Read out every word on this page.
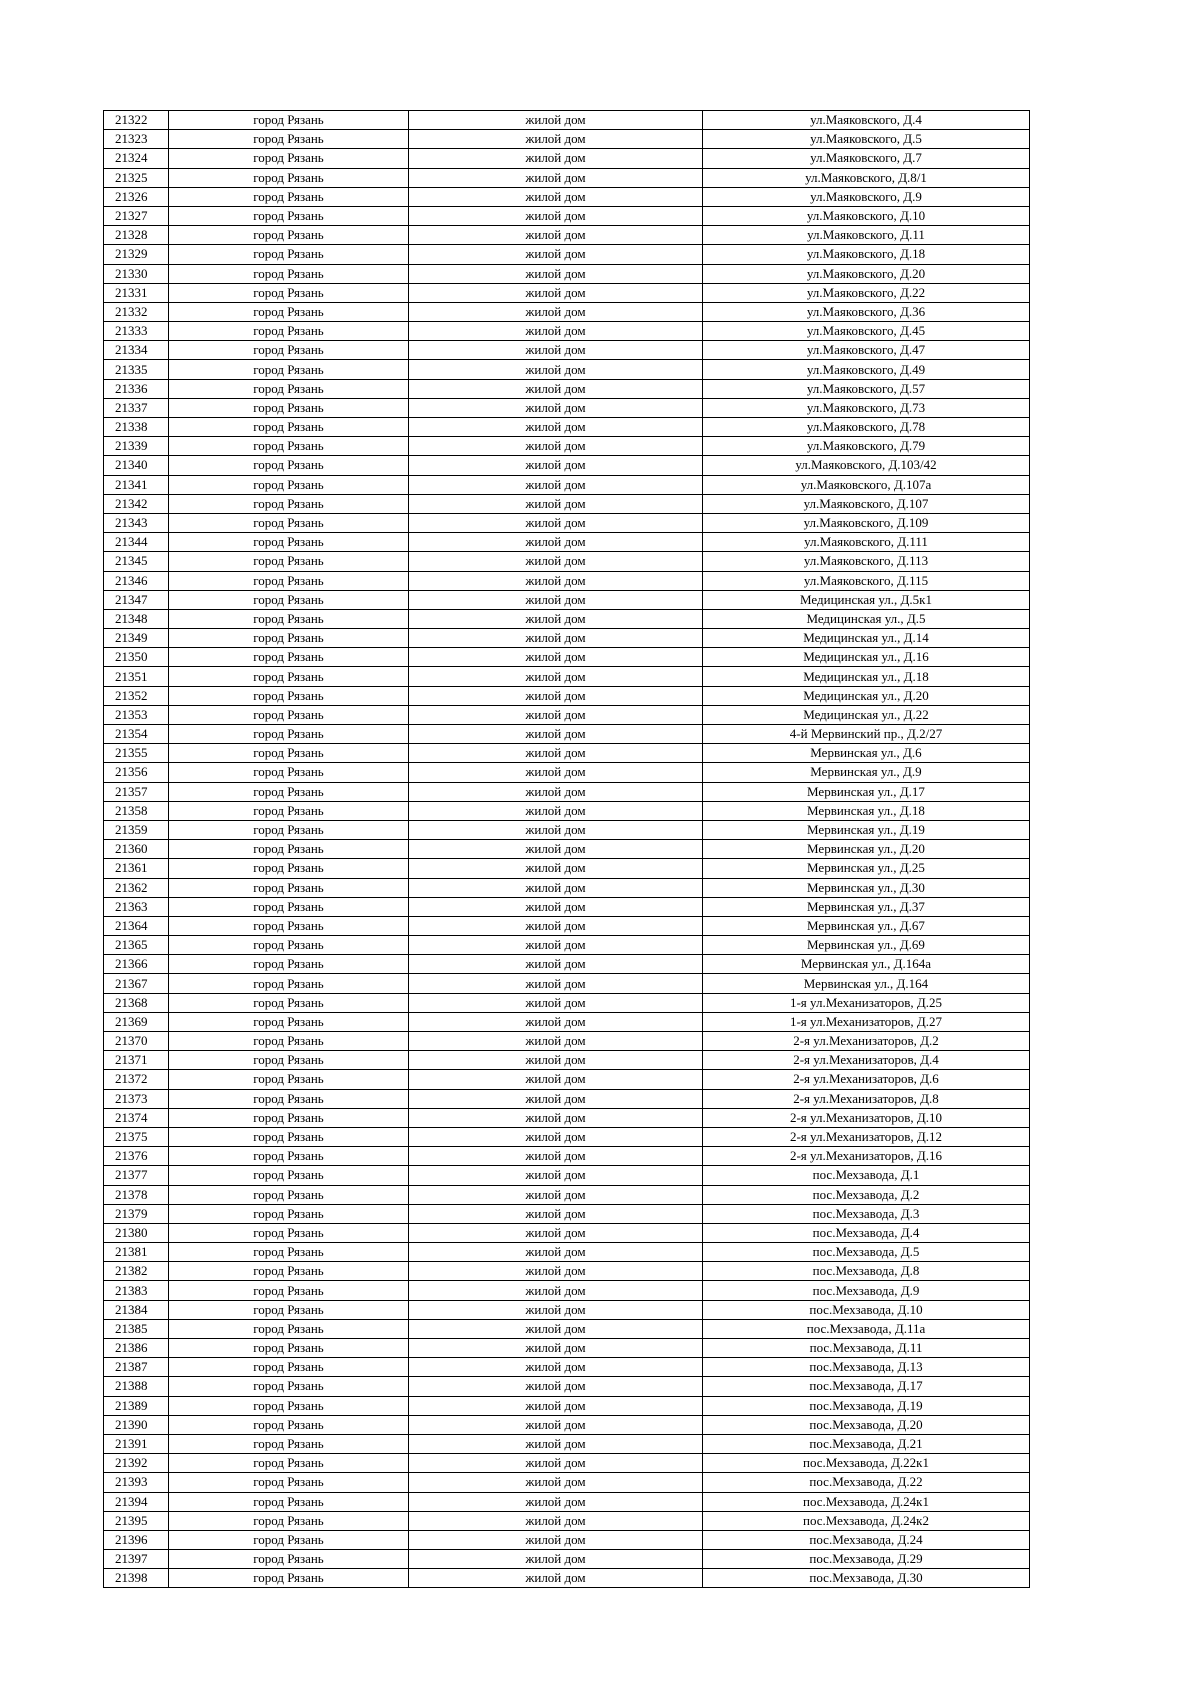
21322	город Рязань	жилой дом	ул.Маяковского, Д.4
21323	город Рязань	жилой дом	ул.Маяковского, Д.5
21324	город Рязань	жилой дом	ул.Маяковского, Д.7
21325	город Рязань	жилой дом	ул.Маяковского, Д.8/1
21326	город Рязань	жилой дом	ул.Маяковского, Д.9
21327	город Рязань	жилой дом	ул.Маяковского, Д.10
21328	город Рязань	жилой дом	ул.Маяковского, Д.11
21329	город Рязань	жилой дом	ул.Маяковского, Д.18
21330	город Рязань	жилой дом	ул.Маяковского, Д.20
21331	город Рязань	жилой дом	ул.Маяковского, Д.22
21332	город Рязань	жилой дом	ул.Маяковского, Д.36
21333	город Рязань	жилой дом	ул.Маяковского, Д.45
21334	город Рязань	жилой дом	ул.Маяковского, Д.47
21335	город Рязань	жилой дом	ул.Маяковского, Д.49
21336	город Рязань	жилой дом	ул.Маяковского, Д.57
21337	город Рязань	жилой дом	ул.Маяковского, Д.73
21338	город Рязань	жилой дом	ул.Маяковского, Д.78
21339	город Рязань	жилой дом	ул.Маяковского, Д.79
21340	город Рязань	жилой дом	ул.Маяковского, Д.103/42
21341	город Рязань	жилой дом	ул.Маяковского, Д.107а
21342	город Рязань	жилой дом	ул.Маяковского, Д.107
21343	город Рязань	жилой дом	ул.Маяковского, Д.109
21344	город Рязань	жилой дом	ул.Маяковского, Д.111
21345	город Рязань	жилой дом	ул.Маяковского, Д.113
21346	город Рязань	жилой дом	ул.Маяковского, Д.115
21347	город Рязань	жилой дом	Медицинская ул., Д.5к1
21348	город Рязань	жилой дом	Медицинская ул., Д.5
21349	город Рязань	жилой дом	Медицинская ул., Д.14
21350	город Рязань	жилой дом	Медицинская ул., Д.16
21351	город Рязань	жилой дом	Медицинская ул., Д.18
21352	город Рязань	жилой дом	Медицинская ул., Д.20
21353	город Рязань	жилой дом	Медицинская ул., Д.22
21354	город Рязань	жилой дом	4-й Мервинский пр., Д.2/27
21355	город Рязань	жилой дом	Мервинская ул., Д.6
21356	город Рязань	жилой дом	Мервинская ул., Д.9
21357	город Рязань	жилой дом	Мервинская ул., Д.17
21358	город Рязань	жилой дом	Мервинская ул., Д.18
21359	город Рязань	жилой дом	Мервинская ул., Д.19
21360	город Рязань	жилой дом	Мервинская ул., Д.20
21361	город Рязань	жилой дом	Мервинская ул., Д.25
21362	город Рязань	жилой дом	Мервинская ул., Д.30
21363	город Рязань	жилой дом	Мервинская ул., Д.37
21364	город Рязань	жилой дом	Мервинская ул., Д.67
21365	город Рязань	жилой дом	Мервинская ул., Д.69
21366	город Рязань	жилой дом	Мервинская ул., Д.164а
21367	город Рязань	жилой дом	Мервинская ул., Д.164
21368	город Рязань	жилой дом	1-я ул.Механизаторов, Д.25
21369	город Рязань	жилой дом	1-я ул.Механизаторов, Д.27
21370	город Рязань	жилой дом	2-я ул.Механизаторов, Д.2
21371	город Рязань	жилой дом	2-я ул.Механизаторов, Д.4
21372	город Рязань	жилой дом	2-я ул.Механизаторов, Д.6
21373	город Рязань	жилой дом	2-я ул.Механизаторов, Д.8
21374	город Рязань	жилой дом	2-я ул.Механизаторов, Д.10
21375	город Рязань	жилой дом	2-я ул.Механизаторов, Д.12
21376	город Рязань	жилой дом	2-я ул.Механизаторов, Д.16
21377	город Рязань	жилой дом	пос.Мехзавода, Д.1
21378	город Рязань	жилой дом	пос.Мехзавода, Д.2
21379	город Рязань	жилой дом	пос.Мехзавода, Д.3
21380	город Рязань	жилой дом	пос.Мехзавода, Д.4
21381	город Рязань	жилой дом	пос.Мехзавода, Д.5
21382	город Рязань	жилой дом	пос.Мехзавода, Д.8
21383	город Рязань	жилой дом	пос.Мехзавода, Д.9
21384	город Рязань	жилой дом	пос.Мехзавода, Д.10
21385	город Рязань	жилой дом	пос.Мехзавода, Д.11а
21386	город Рязань	жилой дом	пос.Мехзавода, Д.11
21387	город Рязань	жилой дом	пос.Мехзавода, Д.13
21388	город Рязань	жилой дом	пос.Мехзавода, Д.17
21389	город Рязань	жилой дом	пос.Мехзавода, Д.19
21390	город Рязань	жилой дом	пос.Мехзавода, Д.20
21391	город Рязань	жилой дом	пос.Мехзавода, Д.21
21392	город Рязань	жилой дом	пос.Мехзавода, Д.22к1
21393	город Рязань	жилой дом	пос.Мехзавода, Д.22
21394	город Рязань	жилой дом	пос.Мехзавода, Д.24к1
21395	город Рязань	жилой дом	пос.Мехзавода, Д.24к2
21396	город Рязань	жилой дом	пос.Мехзавода, Д.24
21397	город Рязань	жилой дом	пос.Мехзавода, Д.29
21398	город Рязань	жилой дом	пос.Мехзавода, Д.30
